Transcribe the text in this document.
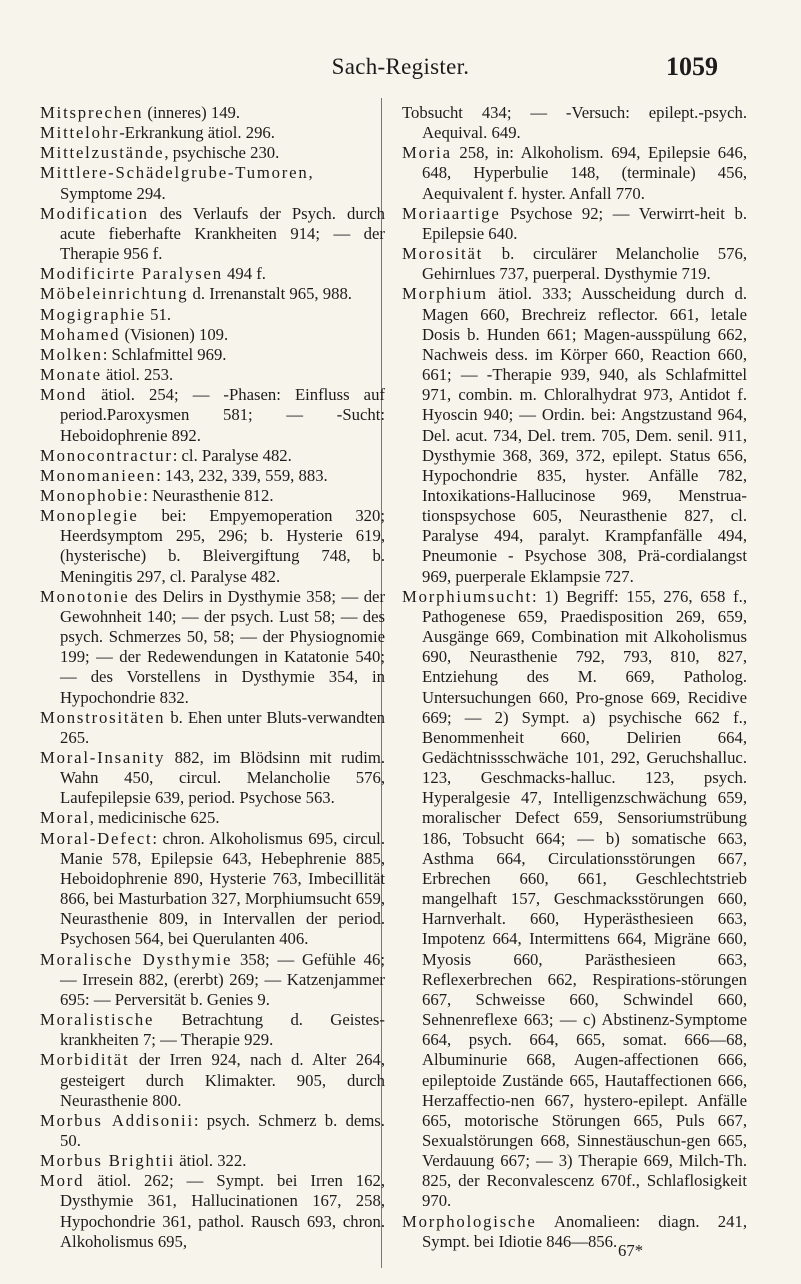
Sach-Register.	1059
Mitsprechen (inneres) 149.
Mittelohr-Erkrankung ätiol. 296.
Mittelzustände, psychische 230.
Mittlere-Schädelgrube-Tumoren, Symptome 294.
Modification des Verlaufs der Psych. durch acute fieberhafte Krankheiten 914; — der Therapie 956 f.
Modificirte Paralysen 494 f.
Möbeleinrichtung d. Irrenanstalt 965, 988.
Mogigraphie 51.
Mohamed (Visionen) 109.
Molken: Schlafmittel 969.
Monate ätiol. 253.
Mond ätiol. 254; — -Phasen: Einfluss auf period.Paroxysmen 581; — -Sucht: Heboidophrenie 892.
Monocontractur: cl. Paralyse 482.
Monomanieen: 143, 232, 339, 559, 883.
Monophobie: Neurasthenie 812.
Monoplegie bei: Empyemoperation 320; Heerdsymptom 295, 296; b. Hysterie 619, (hysterische) b. Bleivergiftung 748, b. Meningitis 297, cl. Paralyse 482.
Monotonie des Delirs in Dysthymie 358; — der Gewohnheit 140; — der psych. Lust 58; — des psych. Schmerzes 50, 58; — der Physiognomie 199; — der Redewendungen in Katatonie 540; — des Vorstellens in Dysthymie 354, in Hypochondrie 832.
Monstrositäten b. Ehen unter Bluts-verwandten 265.
Moral-Insanity 882, im Blödsinn mit rudim. Wahn 450, circul. Melancholie 576, Laufepilepsie 639, period. Psychose 563.
Moral, medicinische 625.
Moral-Defect: chron. Alkoholismus 695, circul. Manie 578, Epilepsie 643, Hebephrenie 885, Heboidophrenie 890, Hysterie 763, Imbecillität 866, bei Masturbation 327, Morphiumsucht 659, Neurasthenie 809, in Intervallen der period. Psychosen 564, bei Querulanten 406.
Moralische Dysthymie 358; — Gefühle 46; — Irresein 882, (ererbt) 269; — Katzenjammer 695: — Perversität b. Genies 9.
Moralistische Betrachtung d. Geistes-krankheiten 7; — Therapie 929.
Morbidität der Irren 924, nach d. Alter 264, gesteigert durch Klimakter. 905, durch Neurasthenie 800.
Morbus Addisonii: psych. Schmerz b. dems. 50.
Morbus Brightii ätiol. 322.
Mord ätiol. 262; — Sympt. bei Irren 162, Dysthymie 361, Hallucinationen 167, 258, Hypochondrie 361, pathol. Rausch 693, chron. Alkoholismus 695,
Tobsucht 434; — -Versuch: epilept.-psych. Aequival. 649.
Moria 258, in: Alkoholism. 694, Epilepsie 646, 648, Hyperbulie 148, (terminale) 456, Aequivalent f. hyster. Anfall 770.
Moriaartige Psychose 92; — Verwirrt-heit b. Epilepsie 640.
Morosität b. circulärer Melancholie 576, Gehirnlues 737, puerperal. Dysthymie 719.
Morphium ätiol. 333; Ausscheidung durch d. Magen 660, Brechreiz reflector. 661, letale Dosis b. Hunden 661; Magen-ausspülung 662, Nachweis dess. im Körper 660, Reaction 660, 661; — -Therapie 939, 940, als Schlafmittel 971, combin. m. Chloralhydrat 973, Antidot f. Hyoscin 940; — Ordin. bei: Angstzustand 964, Del. acut. 734, Del. trem. 705, Dem. senil. 911, Dysthymie 368, 369, 372, epilept. Status 656, Hypochondrie 835, hyster. Anfälle 782, Intoxikations-Hallucinose 969, Menstrua-tionspsychose 605, Neurasthenie 827, cl. Paralyse 494, paralyt. Krampfanfälle 494, Pneumonie - Psychose 308, Prä-cordialangst 969, puerperale Eklampsie 727.
Morphiumsucht: 1) Begriff: 155, 276, 658 f., Pathogenese 659, Praedisposition 269, 659, Ausgänge 669, Combination mit Alkoholismus 690, Neurasthenie 792, 793, 810, 827, Entziehung des M. 669, Patholog. Untersuchungen 660, Pro-gnose 669, Recidive 669; — 2) Sympt. a) psychische 662 f., Benommenheit 660, Delirien 664, Gedächtnissschwäche 101, 292, Geruchshalluc. 123, Geschmacks-halluc. 123, psych. Hyperalgesie 47, Intelligenzschwächung 659, moralischer Defect 659, Sensoriumstrübung 186, Tobsucht 664; — b) somatische 663, Asthma 664, Circulationsstörungen 667, Erbrechen 660, 661, Geschlechtstrieb mangelhaft 157, Geschmacksstörungen 660, Harnverhalt. 660, Hyperästhesieen 663, Impotenz 664, Intermittens 664, Migräne 660, Myosis 660, Parästhesieen 663, Reflexerbrechen 662, Respirations-störungen 667, Schweisse 660, Schwindel 660, Sehnenreflexe 663; — c) Abstinenz-Symptome 664, psych. 664, 665, somat. 666—68, Albuminurie 668, Augen-affectionen 666, epileptoide Zustände 665, Hautaffectionen 666, Herzaffectio-nen 667, hystero-epilept. Anfälle 665, motorische Störungen 665, Puls 667, Sexualstörungen 668, Sinnestäuschun-gen 665, Verdauung 667; — 3) Therapie 669, Milch-Th. 825, der Reconvalescenz 670f., Schlaflosigkeit 970.
Morphologische Anomalieen: diagn. 241, Sympt. bei Idiotie 846—856. 67*
